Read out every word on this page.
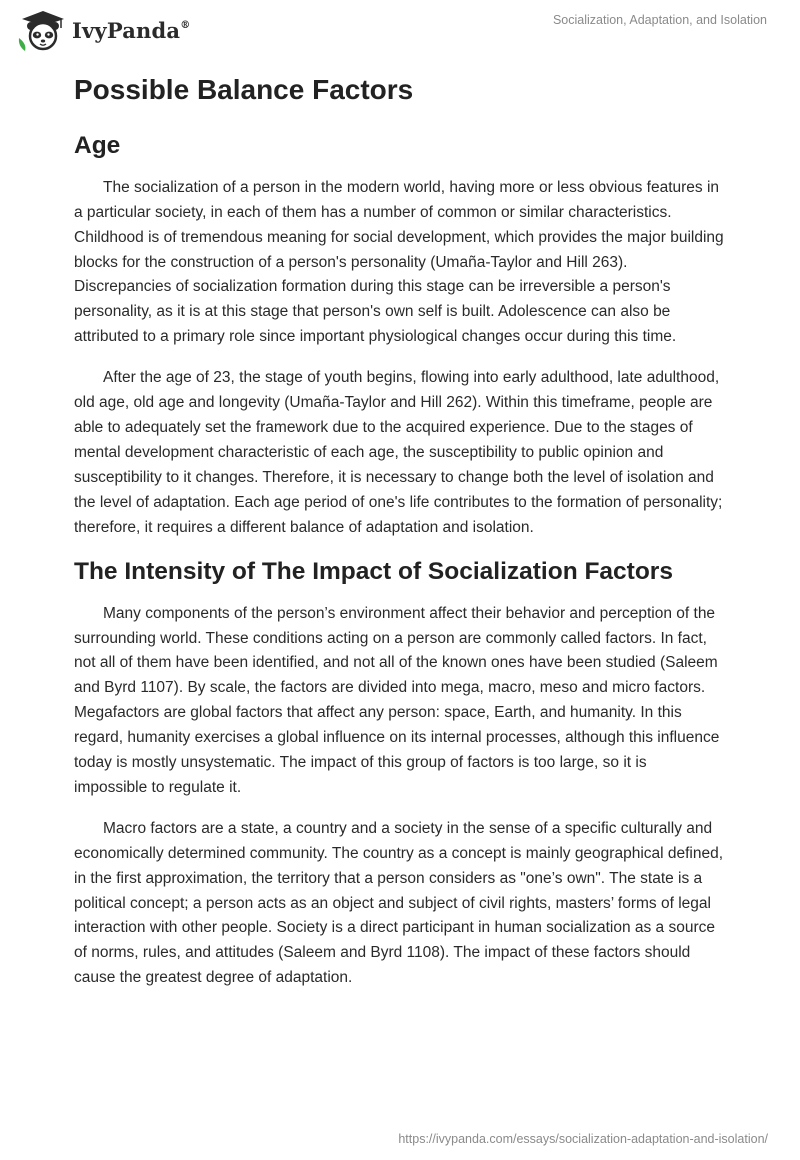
IvyPanda®	Socialization, Adaptation, and Isolation
Possible Balance Factors
Age

The socialization of a person in the modern world, having more or less obvious features in a particular society, in each of them has a number of common or similar characteristics. Childhood is of tremendous meaning for social development, which provides the major building blocks for the construction of a person's personality (Umaña-Taylor and Hill 263). Discrepancies of socialization formation during this stage can be irreversible a person's personality, as it is at this stage that person's own self is built. Adolescence can also be attributed to a primary role since important physiological changes occur during this time.

After the age of 23, the stage of youth begins, flowing into early adulthood, late adulthood, old age, old age and longevity (Umaña-Taylor and Hill 262). Within this timeframe, people are able to adequately set the framework due to the acquired experience. Due to the stages of mental development characteristic of each age, the susceptibility to public opinion and susceptibility to it changes. Therefore, it is necessary to change both the level of isolation and the level of adaptation. Each age period of one's life contributes to the formation of personality; therefore, it requires a different balance of adaptation and isolation.

The Intensity of The Impact of Socialization Factors

Many components of the person’s environment affect their behavior and perception of the surrounding world. These conditions acting on a person are commonly called factors. In fact, not all of them have been identified, and not all of the known ones have been studied (Saleem and Byrd 1107). By scale, the factors are divided into mega, macro, meso and micro factors. Megafactors are global factors that affect any person: space, Earth, and humanity. In this regard, humanity exercises a global influence on its internal processes, although this influence today is mostly unsystematic. The impact of this group of factors is too large, so it is impossible to regulate it.

Macro factors are a state, a country and a society in the sense of a specific culturally and economically determined community. The country as a concept is mainly geographical defined, in the first approximation, the territory that a person considers as "one’s own". The state is a political concept; a person acts as an object and subject of civil rights, masters’ forms of legal interaction with other people. Society is a direct participant in human socialization as a source of norms, rules, and attitudes (Saleem and Byrd 1108). The impact of these factors should cause the greatest degree of adaptation.

https://ivypanda.com/essays/socialization-adaptation-and-isolation/
